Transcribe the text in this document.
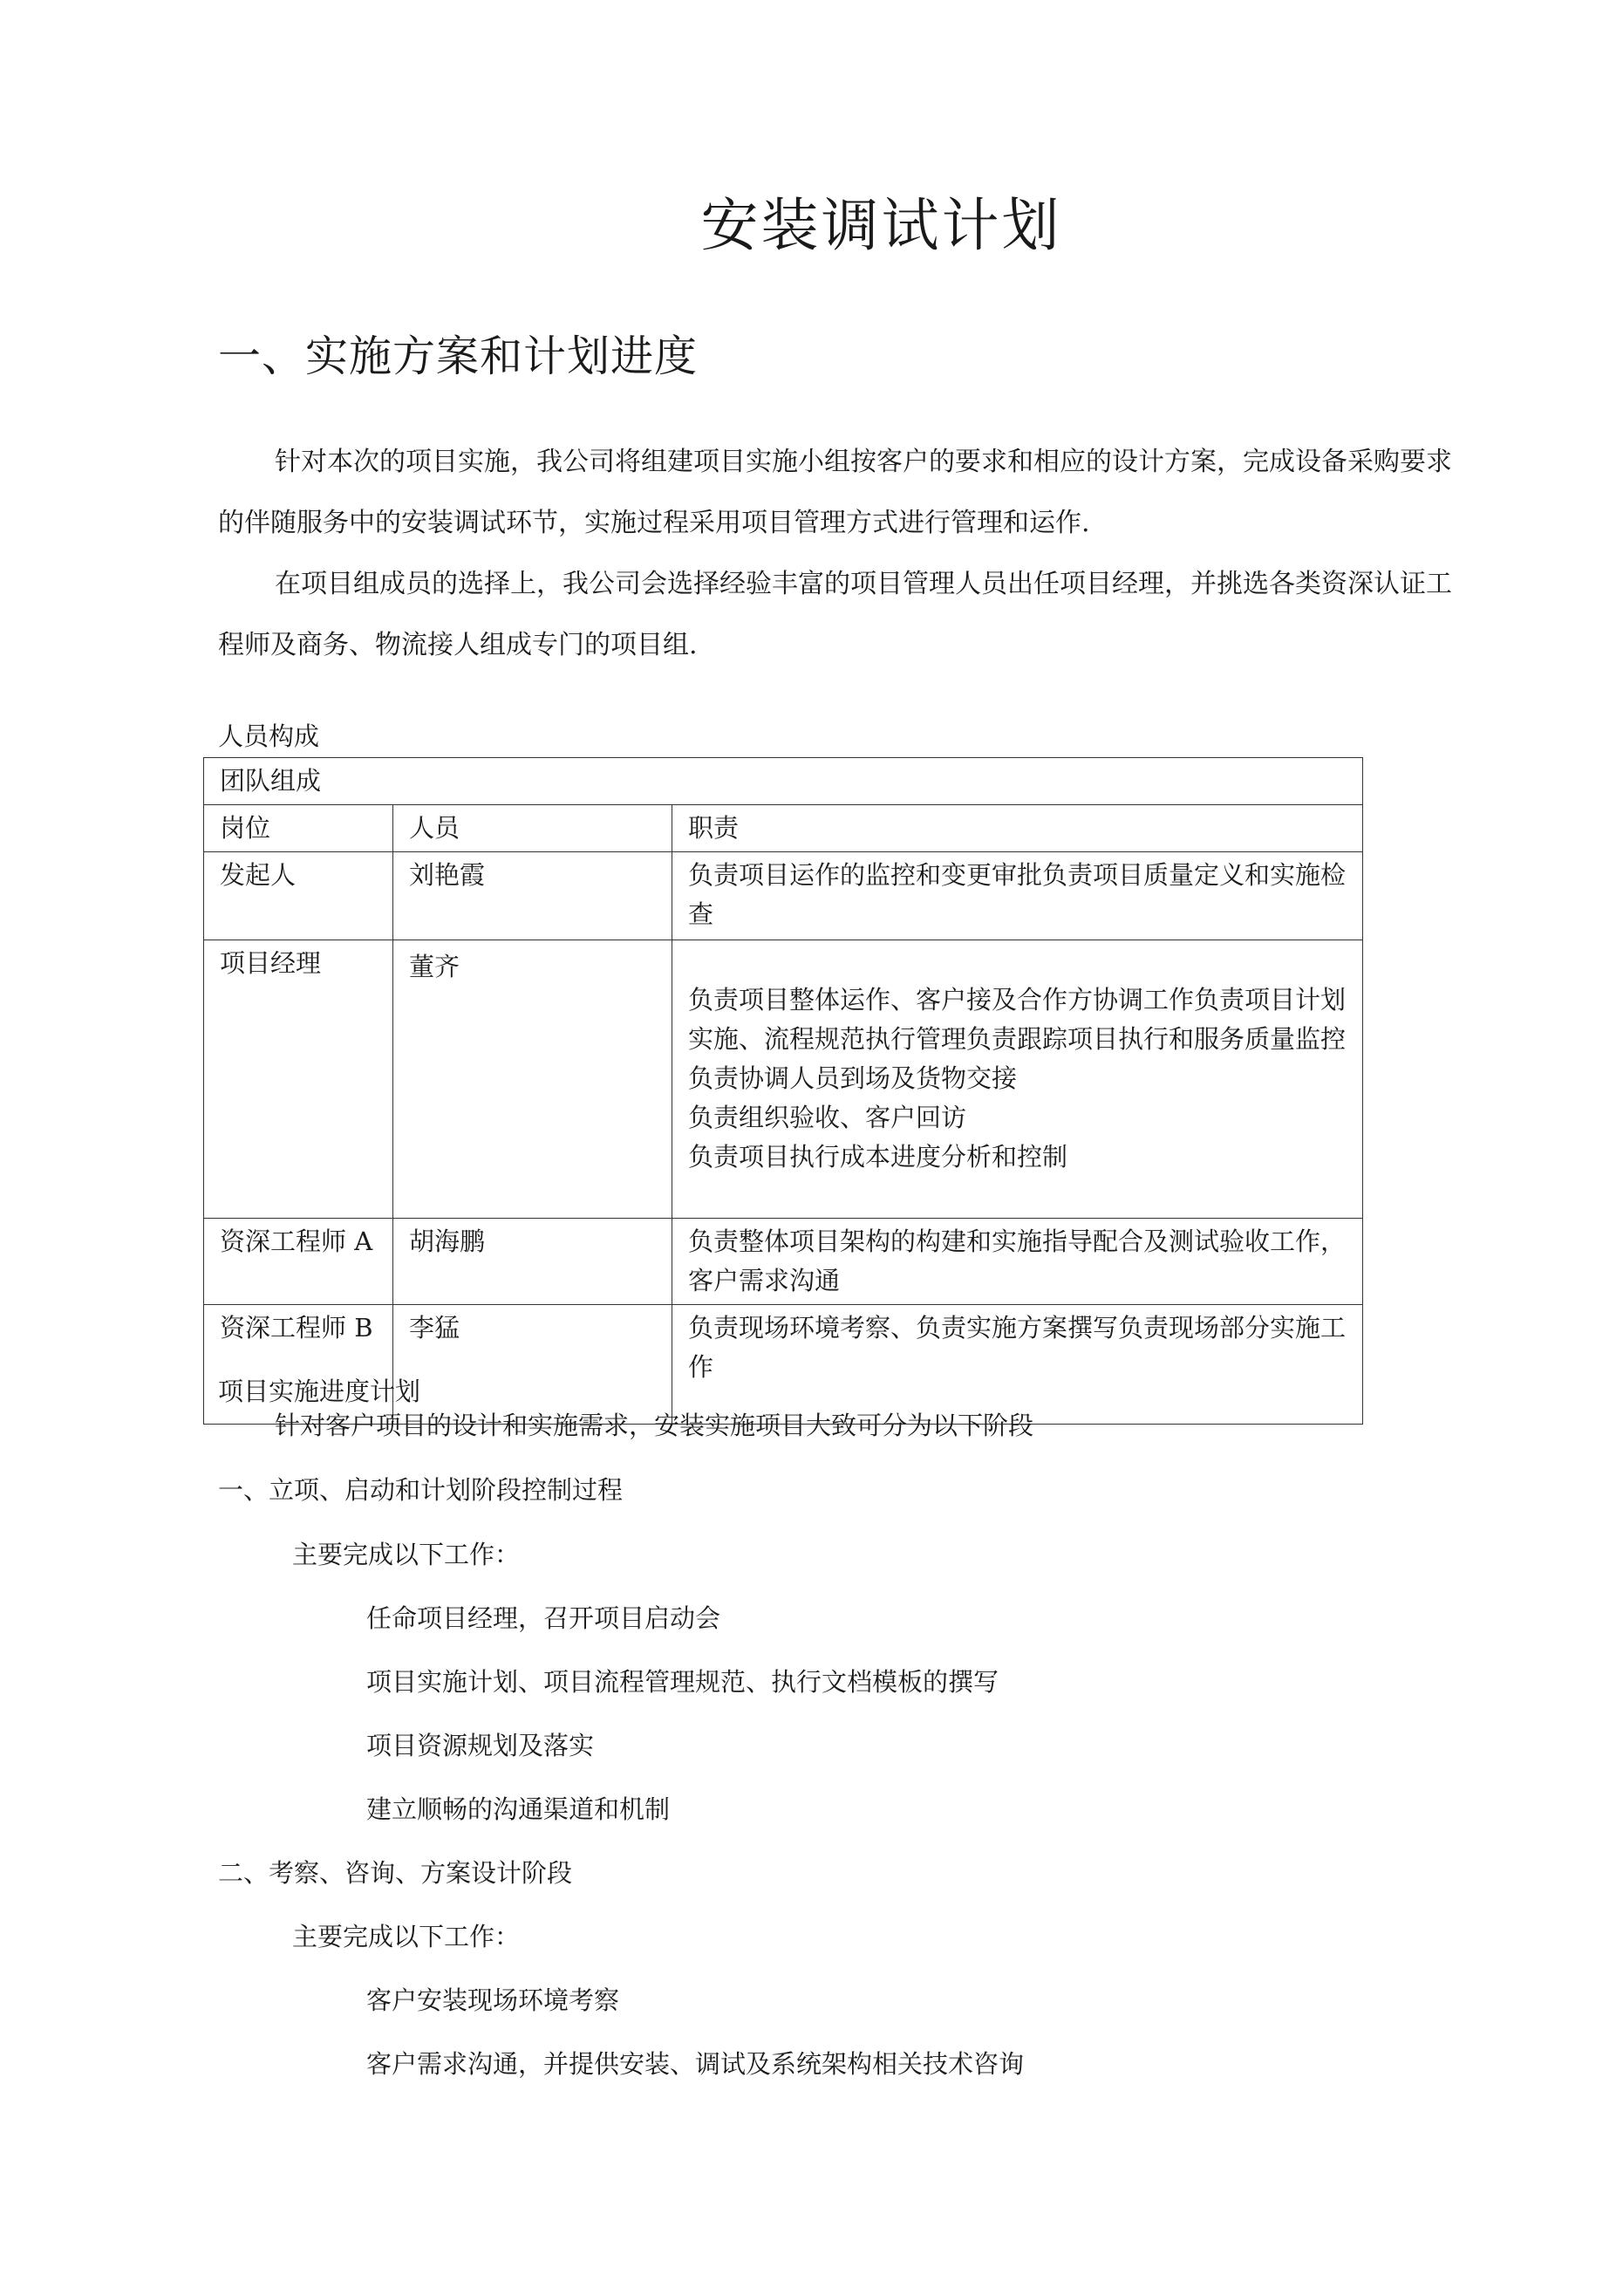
安装调试计划
一、实施方案和计划进度

针对本次的项目实施，我公司将组建项目实施小组按客户的要求和相应的设计方案，完成设备采购要求的伴随服务中的安装调试环节，实施过程采用项目管理方式进行管理和运作.

在项目组成员的选择上，我公司会选择经验丰富的项目管理人员出任项目经理，并挑选各类资深认证工程师及商务、物流接人组成专门的项目组.

人员构成
团队组成		
岗位	人员	职责
发起人	刘艳霞	负责项目运作的监控和变更审批负责项目质量定义和实施检查

项目经理	董齐	负责项目整体运作、客户接及合作方协调工作负责项目计划实施、流程规范执行管理负责跟踪项目执行和服务质量监控负责协调人员到场及货物交接
负责组织验收、客户回访
负责项目执行成本进度分析和控制

资深工程师 A	胡海鹏	负责整体项目架构的构建和实施指导配合及测试验收工作，客户需求沟通

资深工程师 B	李猛	负责现场环境考察、负责实施方案撰写负责现场部分实施工作
项目实施进度计划
针对客户项目的设计和实施需求，安装实施项目大致可分为以下阶段
一、立项、启动和计划阶段控制过程
主要完成以下工作：
任命项目经理，召开项目启动会
项目实施计划、项目流程管理规范、执行文档模板的撰写
项目资源规划及落实
建立顺畅的沟通渠道和机制
二、考察、咨询、方案设计阶段
主要完成以下工作：
客户安装现场环境考察
客户需求沟通，并提供安装、调试及系统架构相关技术咨询
